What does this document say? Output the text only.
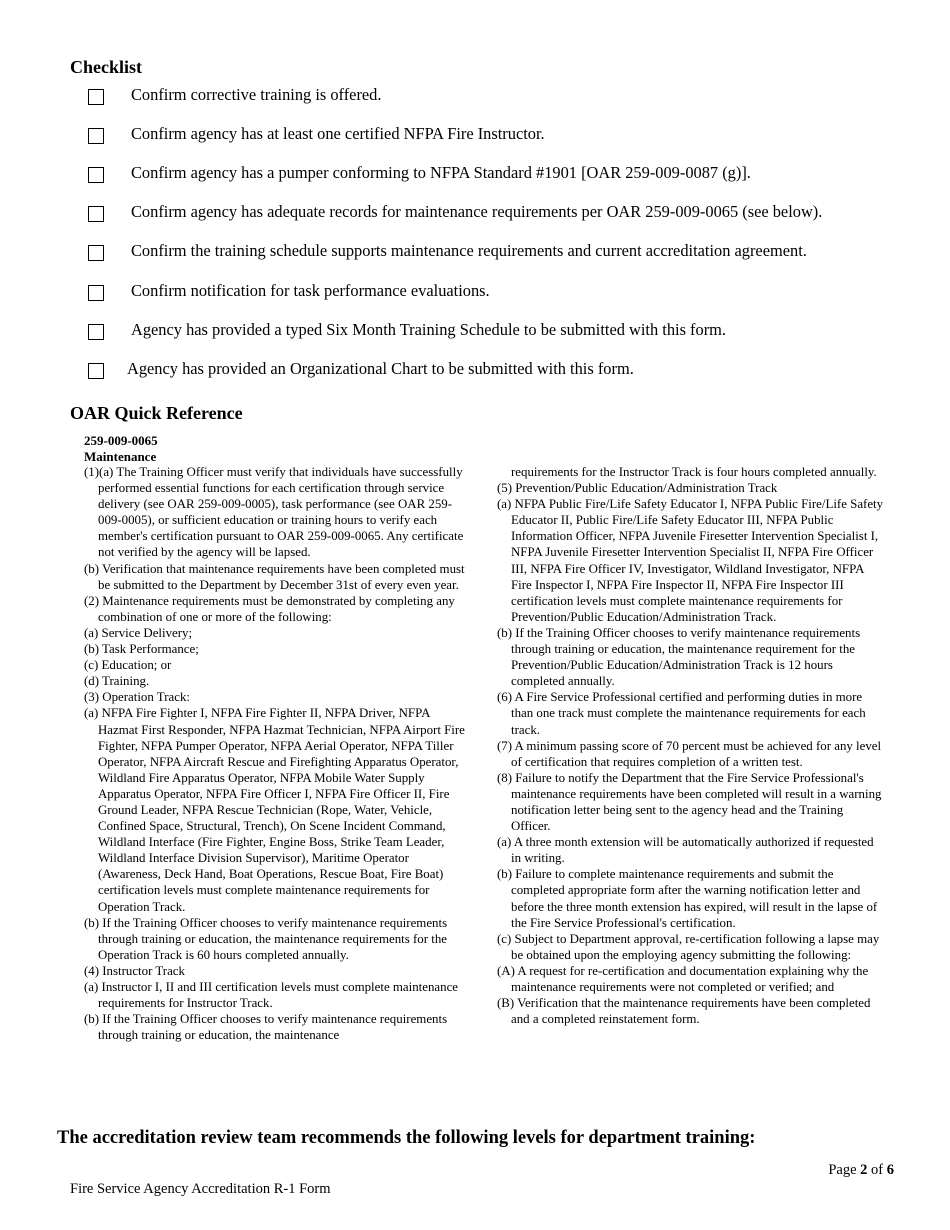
Checklist
Confirm corrective training is offered.
Confirm agency has at least one certified NFPA Fire Instructor.
Confirm agency has a pumper conforming to NFPA Standard #1901 [OAR 259-009-0087 (g)].
Confirm agency has adequate records for maintenance requirements per OAR 259-009-0065 (see below).
Confirm the training schedule supports maintenance requirements and current accreditation agreement.
Confirm notification for task performance evaluations.
Agency has provided a typed Six Month Training Schedule to be submitted with this form.
Agency has provided an Organizational Chart to be submitted with this form.
OAR Quick Reference
259-009-0065
Maintenance

(1)(a) The Training Officer must verify that individuals have successfully performed essential functions for each certification through service delivery (see OAR 259-009-0005), task performance (see OAR 259-009-0005), or sufficient education or training hours to verify each member's certification pursuant to OAR 259-009-0065. Any certificate not verified by the agency will be lapsed.

(b) Verification that maintenance requirements have been completed must be submitted to the Department by December 31st of every even year.

(2) Maintenance requirements must be demonstrated by completing any combination of one or more of the following:

(a) Service Delivery;

(b) Task Performance;

(c) Education; or

(d) Training.

(3) Operation Track:

(a) NFPA Fire Fighter I, NFPA Fire Fighter II, NFPA Driver, NFPA Hazmat First Responder, NFPA Hazmat Technician, NFPA Airport Fire Fighter, NFPA Pumper Operator, NFPA Aerial Operator, NFPA Tiller Operator, NFPA Aircraft Rescue and Firefighting Apparatus Operator, Wildland Fire Apparatus Operator, NFPA Mobile Water Supply Apparatus Operator, NFPA Fire Officer I, NFPA Fire Officer II, Fire Ground Leader, NFPA Rescue Technician (Rope, Water, Vehicle, Confined Space, Structural, Trench), On Scene Incident Command, Wildland Interface (Fire Fighter, Engine Boss, Strike Team Leader, Wildland Interface Division Supervisor), Maritime Operator (Awareness, Deck Hand, Boat Operations, Rescue Boat, Fire Boat) certification levels must complete maintenance requirements for Operation Track.

(b) If the Training Officer chooses to verify maintenance requirements through training or education, the maintenance requirements for the Operation Track is 60 hours completed annually.

(4) Instructor Track

(a) Instructor I, II and III certification levels must complete maintenance requirements for Instructor Track.

(b) If the Training Officer chooses to verify maintenance requirements through training or education, the maintenance

requirements for the Instructor Track is four hours completed annually.

(5) Prevention/Public Education/Administration Track

(a) NFPA Public Fire/Life Safety Educator I, NFPA Public Fire/Life Safety Educator II, Public Fire/Life Safety Educator III, NFPA Public Information Officer, NFPA Juvenile Firesetter Intervention Specialist I, NFPA Juvenile Firesetter Intervention Specialist II, NFPA Fire Officer III, NFPA Fire Officer IV, Investigator, Wildland Investigator, NFPA Fire Inspector I, NFPA Fire Inspector II, NFPA Fire Inspector III certification levels must complete maintenance requirements for Prevention/Public Education/Administration Track.

(b) If the Training Officer chooses to verify maintenance requirements through training or education, the maintenance requirement for the Prevention/Public Education/Administration Track is 12 hours completed annually.

(6) A Fire Service Professional certified and performing duties in more than one track must complete the maintenance requirements for each track.

(7) A minimum passing score of 70 percent must be achieved for any level of certification that requires completion of a written test.

(8) Failure to notify the Department that the Fire Service Professional's maintenance requirements have been completed will result in a warning notification letter being sent to the agency head and the Training Officer.

(a) A three month extension will be automatically authorized if requested in writing.

(b) Failure to complete maintenance requirements and submit the completed appropriate form after the warning notification letter and before the three month extension has expired, will result in the lapse of the Fire Service Professional's certification.

(c) Subject to Department approval, re-certification following a lapse may be obtained upon the employing agency submitting the following:

(A) A request for re-certification and documentation explaining why the maintenance requirements were not completed or verified; and

(B) Verification that the maintenance requirements have been completed and a completed reinstatement form.

The accreditation review team recommends the following levels for department training:
Page 2 of 6
Fire Service Agency Accreditation R-1 Form
